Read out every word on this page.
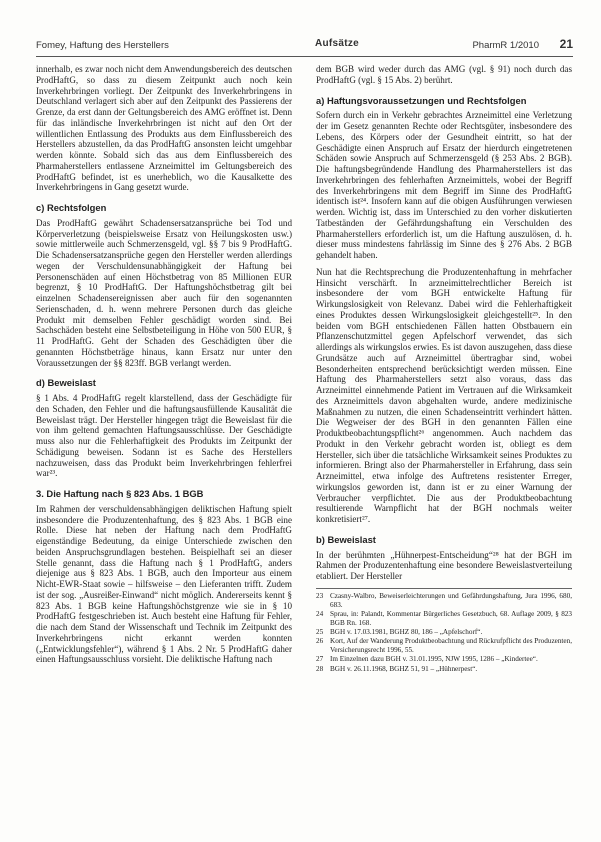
Fomey, Haftung des Herstellers	Aufsätze	PharmR 1/2010 21

innerhalb, es zwar noch nicht dem Anwendungsbereich des deutschen ProdHaftG, so dass zu diesem Zeitpunkt auch noch kein Inverkehrbringen vorliegt. Der Zeitpunkt des Inverkehrbringens in Deutschland verlagert sich aber auf den Zeitpunkt des Passierens der Grenze, da erst dann der Geltungsbereich des AMG eröffnet ist. Denn für das inländische Inverkehrbringen ist nicht auf den Ort der willentlichen Entlassung des Produkts aus dem Einflussbereich des Herstellers abzustellen, da das ProdHaftG ansonsten leicht umgehbar werden könnte. Sobald sich das aus dem Einflussbereich des Pharmaherstellers entlassene Arzneimittel im Geltungsbereich des ProdHaftG befindet, ist es unerheblich, wo die Kausalkette des Inverkehrbringens in Gang gesetzt wurde.

c) Rechtsfolgen

Das ProdHaftG gewährt Schadensersatzansprüche bei Tod und Körperverletzung (beispielsweise Ersatz von Heilungskosten usw.) sowie mittlerweile auch Schmerzensgeld, vgl. §§ 7 bis 9 ProdHaftG. Die Schadensersatzansprüche gegen den Hersteller werden allerdings wegen der Verschuldensunabhängigkeit der Haftung bei Personenschäden auf einen Höchstbetrag von 85 Millionen EUR begrenzt, § 10 ProdHaftG. Der Haftungshöchstbetrag gilt bei einzelnen Schadensereignissen aber auch für den sogenannten Serienschaden, d. h. wenn mehrere Personen durch das gleiche Produkt mit demselben Fehler geschädigt worden sind. Bei Sachschäden besteht eine Selbstbeteiligung in Höhe von 500 EUR, § 11 ProdHaftG. Geht der Schaden des Geschädigten über die genannten Höchstbeträge hinaus, kann Ersatz nur unter den Voraussetzungen der §§ 823ff. BGB verlangt werden.

d) Beweislast

§ 1 Abs. 4 ProdHaftG regelt klarstellend, dass der Geschädigte für den Schaden, den Fehler und die haftungsausfüllende Kausalität die Beweislast trägt. Der Hersteller hingegen trägt die Beweislast für die von ihm geltend gemachten Haftungsausschlüsse. Der Geschädigte muss also nur die Fehlerhaftigkeit des Produkts im Zeitpunkt der Schädigung beweisen. Sodann ist es Sache des Herstellers nachzuweisen, dass das Produkt beim Inverkehrbringen fehlerfrei war²³.

3. Die Haftung nach § 823 Abs. 1 BGB

Im Rahmen der verschuldensabhängigen deliktischen Haftung spielt insbesondere die Produzentenhaftung, des § 823 Abs. 1 BGB eine Rolle. Diese hat neben der Haftung nach dem ProdHaftG eigenständige Bedeutung, da einige Unterschiede zwischen den beiden Anspruchsgrundlagen bestehen. Beispielhaft sei an dieser Stelle genannt, dass die Haftung nach § 1 ProdHaftG, anders diejenige aus § 823 Abs. 1 BGB, auch den Importeur aus einem Nicht-EWR-Staat sowie – hilfsweise – den Lieferanten trifft. Zudem ist der sog. „Ausreißer-Einwand“ nicht möglich. Andererseits kennt § 823 Abs. 1 BGB keine Haftungshöchstgrenze wie sie in § 10 ProdHaftG festgeschrieben ist. Auch besteht eine Haftung für Fehler, die nach dem Stand der Wissenschaft und Technik im Zeitpunkt des Inverkehrbringens nicht erkannt werden konnten („Entwicklungsfehler“), während § 1 Abs. 2 Nr. 5 ProdHaftG daher einen Haftungsausschluss vorsieht. Die deliktische Haftung nach

dem BGB wird weder durch das AMG (vgl. § 91) noch durch das ProdHaftG (vgl. § 15 Abs. 2) berührt.

a) Haftungsvoraussetzungen und Rechtsfolgen

Sofern durch ein in Verkehr gebrachtes Arzneimittel eine Verletzung der im Gesetz genannten Rechte oder Rechtsgüter, insbesondere des Lebens, des Körpers oder der Gesundheit eintritt, so hat der Geschädigte einen Anspruch auf Ersatz der hierdurch eingetretenen Schäden sowie Anspruch auf Schmerzensgeld (§ 253 Abs. 2 BGB). Die haftungsbegründende Handlung des Pharmaherstellers ist das Inverkehrbringen des fehlerhaften Arzneimittels, wobei der Begriff des Inverkehrbringens mit dem Begriff im Sinne des ProdHaftG identisch ist²⁴. Insofern kann auf die obigen Ausführungen verwiesen werden. Wichtig ist, dass im Unterschied zu den vorher diskutierten Tatbeständen der Gefährdungshaftung ein Verschulden des Pharmaherstellers erforderlich ist, um die Haftung auszulösen, d. h. dieser muss mindestens fahrlässig im Sinne des § 276 Abs. 2 BGB gehandelt haben.

Nun hat die Rechtsprechung die Produzentenhaftung in mehrfacher Hinsicht verschärft. In arzneimittelrechtlicher Bereich ist insbesondere der vom BGH entwickelte Haftung für Wirkungslosigkeit von Relevanz. Dabei wird die Fehlerhaftigkeit eines Produktes dessen Wirkungslosigkeit gleichgestellt²⁵. In den beiden vom BGH entschiedenen Fällen hatten Obstbauern ein Pflanzenschutzmittel gegen Apfelschorf verwendet, das sich allerdings als wirkungslos erwies. Es ist davon auszugehen, dass diese Grundsätze auch auf Arzneimittel übertragbar sind, wobei Besonderheiten entsprechend berücksichtigt werden müssen. Eine Haftung des Pharmaherstellers setzt also voraus, dass das Arzneimittel einnehmende Patient im Vertrauen auf die Wirksamkeit des Arzneimittels davon abgehalten wurde, andere medizinische Maßnahmen zu nutzen, die einen Schadenseintritt verhindert hätten. Die Wegweiser der des BGH in den genannten Fällen eine Produktbeobachtungspflicht²⁶ angenommen. Auch nachdem das Produkt in den Verkehr gebracht worden ist, obliegt es dem Hersteller, sich über die tatsächliche Wirksamkeit seines Produktes zu informieren. Bringt also der Pharmahersteller in Erfahrung, dass sein Arzneimittel, etwa infolge des Auftretens resistenter Erreger, wirkungslos geworden ist, dann ist er zu einer Warnung der Verbraucher verpflichtet. Die aus der Produktbeobachtung resultierende Warnpflicht hat der BGH nochmals weiter konkretisiert²⁷.

b) Beweislast

In der berühmten „Hühnerpest-Entscheidung“²⁸ hat der BGH im Rahmen der Produzentenhaftung eine besondere Beweislastverteilung etabliert. Der Hersteller

23 Czasny-Walbro, Beweiserleichterungen und Gefährdungshaftung, Jura 1996, 680, 683.
24 Sprau, in: Palandt, Kommentar Bürgerliches Gesetzbuch, 68. Auflage 2009, § 823 BGB Rn. 168.
25 BGH v. 17.03.1981, BGHZ 80, 186 – „Apfelschorf“.
26 Kort, Auf der Wanderung Produktbeobachtung und Rückrufpflicht des Produzenten, Versicherungsrecht 1996, 55.
27 Im Einzelnen dazu BGH v. 31.01.1995, NJW 1995, 1286 – „Kindertee“.
28 BGH v. 26.11.1968, BGHZ 51, 91 – „Hühnerpest“.
